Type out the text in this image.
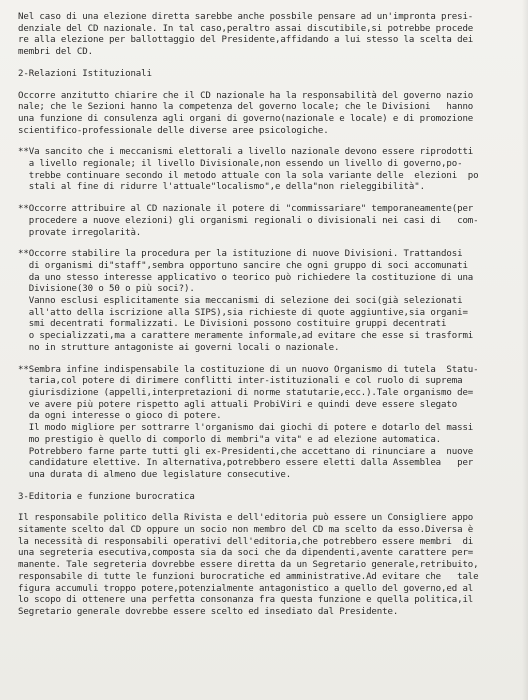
Nel caso di una elezione diretta sarebbe anche possbile pensare ad un'impronta presi-

denziale del CD nazionale. In tal caso,peraltro assai discutibile,si potrebbe procede

re alla elezione per ballottaggio del Presidente,affidando a lui stesso la scelta dei

membri del CD.

2-Relazioni Istituzionali

Occorre anzitutto chiarire che il CD nazionale ha la responsabilità del governo nazio

nale; che le Sezioni hanno la competenza del governo locale; che le Divisioni   hanno

una funzione di consulenza agli organi di governo(nazionale e locale) e di promozione

scientifico-professionale delle diverse aree psicologiche.

**Va sancito che i meccanismi elettorali a livello nazionale devono essere riprodotti

a livello regionale; il livello Divisionale,non essendo un livello di governo,po-

trebbe continuare secondo il metodo attuale con la sola variante delle  elezioni  po

stali al fine di ridurre l'attuale"localismo",e della"non rieleggibilità".

**Occorre attribuire al CD nazionale il potere di "commissariare" temporaneamente(per

procedere a nuove elezioni) gli organismi regionali o divisionali nei casi di   com-

provate irregolarità.

**Occorre stabilire la procedura per la istituzione di nuove Divisioni. Trattandosi

di organismi di"staff",sembra opportuno sancire che ogni gruppo di soci accomunati

da uno stesso interesse applicativo o teorico può richiedere la costituzione di una

Divisione(30 o 50 o più soci?).

Vanno esclusi esplicitamente sia meccanismi di selezione dei soci(già selezionati

all'atto della iscrizione alla SIPS),sia richieste di quote aggiuntive,sia organi=

smi decentrati formalizzati. Le Divisioni possono costituire gruppi decentrati

o specializzati,ma a carattere meramente informale,ad evitare che esse si trasformi

no in strutture antagoniste ai governi locali o nazionale.

**Sembra infine indispensabile la costituzione di un nuovo Organismo di tutela  Statu-

taria,col potere di dirimere conflitti inter-istituzionali e col ruolo di suprema

giurisdizione (appelli,interpretazioni di norme statutarie,ecc.).Tale organismo de=

ve avere più potere rispetto agli attuali ProbiViri e quindi deve essere slegato

da ogni interesse o gioco di potere.

Il modo migliore per sottrarre l'organismo dai giochi di potere e dotarlo del massi

mo prestigio è quello di comporlo di membri"a vita" e ad elezione automatica.

Potrebbero farne parte tutti gli ex-Presidenti,che accettano di rinunciare a  nuove

candidature elettive. In alternativa,potrebbero essere eletti dalla Assemblea   per

una durata di almeno due legislature consecutive.

3-Editoria e funzione burocratica

Il responsabile politico della Rivista e dell'editoria può essere un Consigliere appo

sitamente scelto dal CD oppure un socio non membro del CD ma scelto da esso.Diversa è

la necessità di responsabili operativi dell'editoria,che potrebbero essere membri  di

una segreteria esecutiva,composta sia da soci che da dipendenti,avente carattere per=

manente. Tale segreteria dovrebbe essere diretta da un Segretario generale,retribuito,

responsabile di tutte le funzioni burocratiche ed amministrative.Ad evitare che   tale

figura accumuli troppo potere,potenzialmente antagonistico a quello del governo,ed al

lo scopo di ottenere una perfetta consonanza fra questa funzione e quella politica,il

Segretario generale dovrebbe essere scelto ed insediato dal Presidente.
